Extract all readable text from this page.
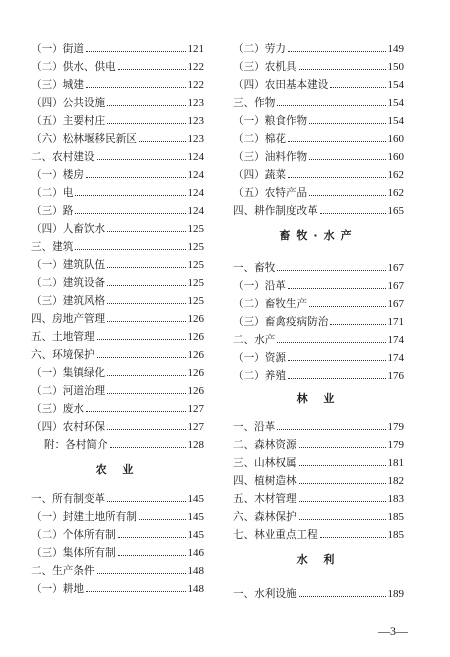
（一）街道	121
（二）供水、供电	122
（三）城建	122
（四）公共设施	123
（五）主要村庄	123
（六）松林堰移民新区	123
二、农村建设	124
（一）楼房	124
（二）电	124
（三）路	124
（四）人畜饮水	125
三、建筑	125
（一）建筑队伍	125
（二）建筑设备	125
（三）建筑风格	125
四、房地产管理	126
五、土地管理	126
六、环境保护	126
（一）集镇绿化	126
（二）河道治理	126
（三）废水	127
（四）农村环保	127
附：各村简介	128
农 业
一、所有制变革	145
（一）封建土地所有制	145
（二）个体所有制	145
（三）集体所有制	146
二、生产条件	148
（一）耕地	148
（二）劳力	149
（三）农机具	150
（四）农田基本建设	154
三、作物	154
（一）粮食作物	154
（二）棉花	160
（三）油料作物	160
（四）蔬菜	162
（五）农特产品	162
四、耕作制度改革	165
畜牧·水产
一、畜牧	167
（一）沿革	167
（二）畜牧生产	167
（三）畜禽疫病防治	171
二、水产	174
（一）资源	174
（二）养殖	176
林 业
一、沿革	179
二、森林资源	179
三、山林权属	181
四、植树造林	182
五、木材管理	183
六、森林保护	185
七、林业重点工程	185
水 利
一、水利设施	189
—3—
